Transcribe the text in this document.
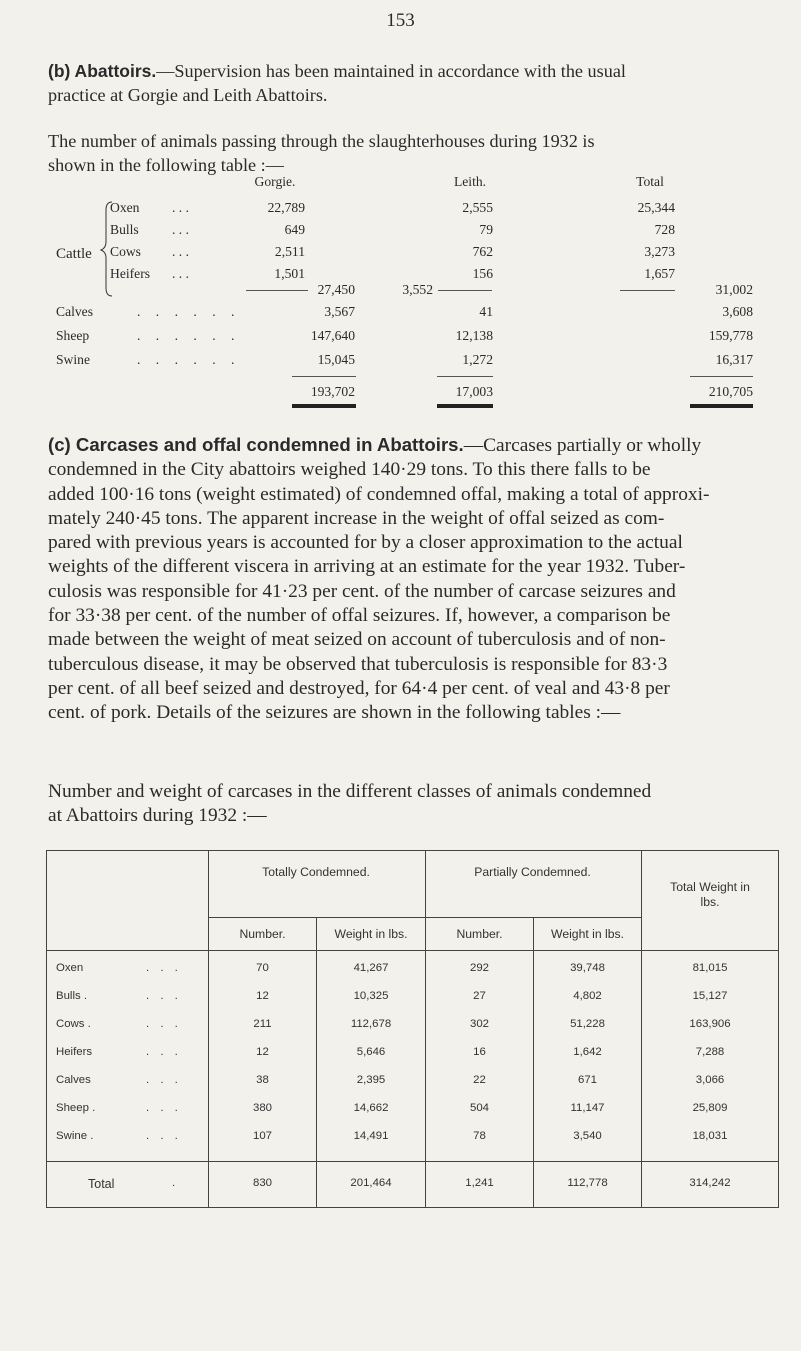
153
(b) Abattoirs.—Supervision has been maintained in accordance with the usual
practice at Gorgie and Leith Abattoirs.
The number of animals passing through the slaughterhouses during 1932 is
shown in the following table :—
Gorgie.	Leith.	Total
Cattle
Oxen . . .	22,789	2,555	25,344
Bulls . . .	649	79	728
Cows . . .	2,511	762	3,273
Heifers . . .	1,501	156	1,657
27,450	3,552	31,002
Calves	. . . . . .	3,567	41	3,608
Sheep	. . . . . .	147,640	12,138	159,778
Swine	. . . . . .	15,045	1,272	16,317
193,702	17,003	210,705
(c) Carcases and offal condemned in Abattoirs.—Carcases partially or wholly
condemned in the City abattoirs weighed 140·29 tons. To this there falls to be
added 100·16 tons (weight estimated) of condemned offal, making a total of approxi-
mately 240·45 tons. The apparent increase in the weight of offal seized as com-
pared with previous years is accounted for by a closer approximation to the actual
weights of the different viscera in arriving at an estimate for the year 1932. Tuber-
culosis was responsible for 41·23 per cent. of the number of carcase seizures and
for 33·38 per cent. of the number of offal seizures. If, however, a comparison be
made between the weight of meat seized on account of tuberculosis and of non-
tuberculous disease, it may be observed that tuberculosis is responsible for 83·3
per cent. of all beef seized and destroyed, for 64·4 per cent. of veal and 43·8 per
cent. of pork. Details of the seizures are shown in the following tables :—
Number and weight of carcases in the different classes of animals condemned
at Abattoirs during 1932 :—
Totally Condemned.	Partially Condemned.
Total Weight in lbs.
Number.	Weight in lbs.	Number.	Weight in lbs.
Oxen	. . .	70	41,267	292	39,748	81,015
Bulls .	. . .	12	10,325	27	4,802	15,127
Cows .	. . .	211	112,678	302	51,228	163,906
Heifers	. . .	12	5,646	16	1,642	7,288
Calves	. . .	38	2,395	22	671	3,066
Sheep .	. . .	380	14,662	504	11,147	25,809
Swine .	. . .	107	14,491	78	3,540	18,031
Total	.	830	201,464	1,241	112,778	314,242
